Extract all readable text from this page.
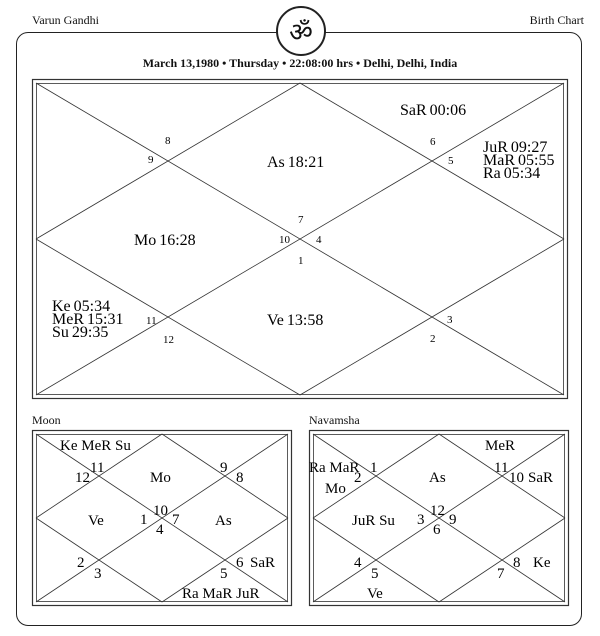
Varun Gandhi	Birth Chart
ॐ
March 13,1980 • Thursday • 22:08:00 hrs • Delhi, Delhi, India
7
10 4
1
8
9
6
5
11
12
3
2
As 18:21
Mo 16:28
Ve 13:58
SaR 00:06
JuR 09:27
MaR 05:55
Ra 05:34
Ke 05:34
MeR 15:31
Su 29:35
Moon
10
9
8
7
6
5
4
3
2
1
12
11
Ke MeR Su
Mo
Ve	As
SaR
Ra MaR JuR
Navamsha
12
11
10
9
8
7
6
5
4
3
2
1
MeR
Ra MaR
Mo
As	SaR
JuR Su
Ke
Ve
